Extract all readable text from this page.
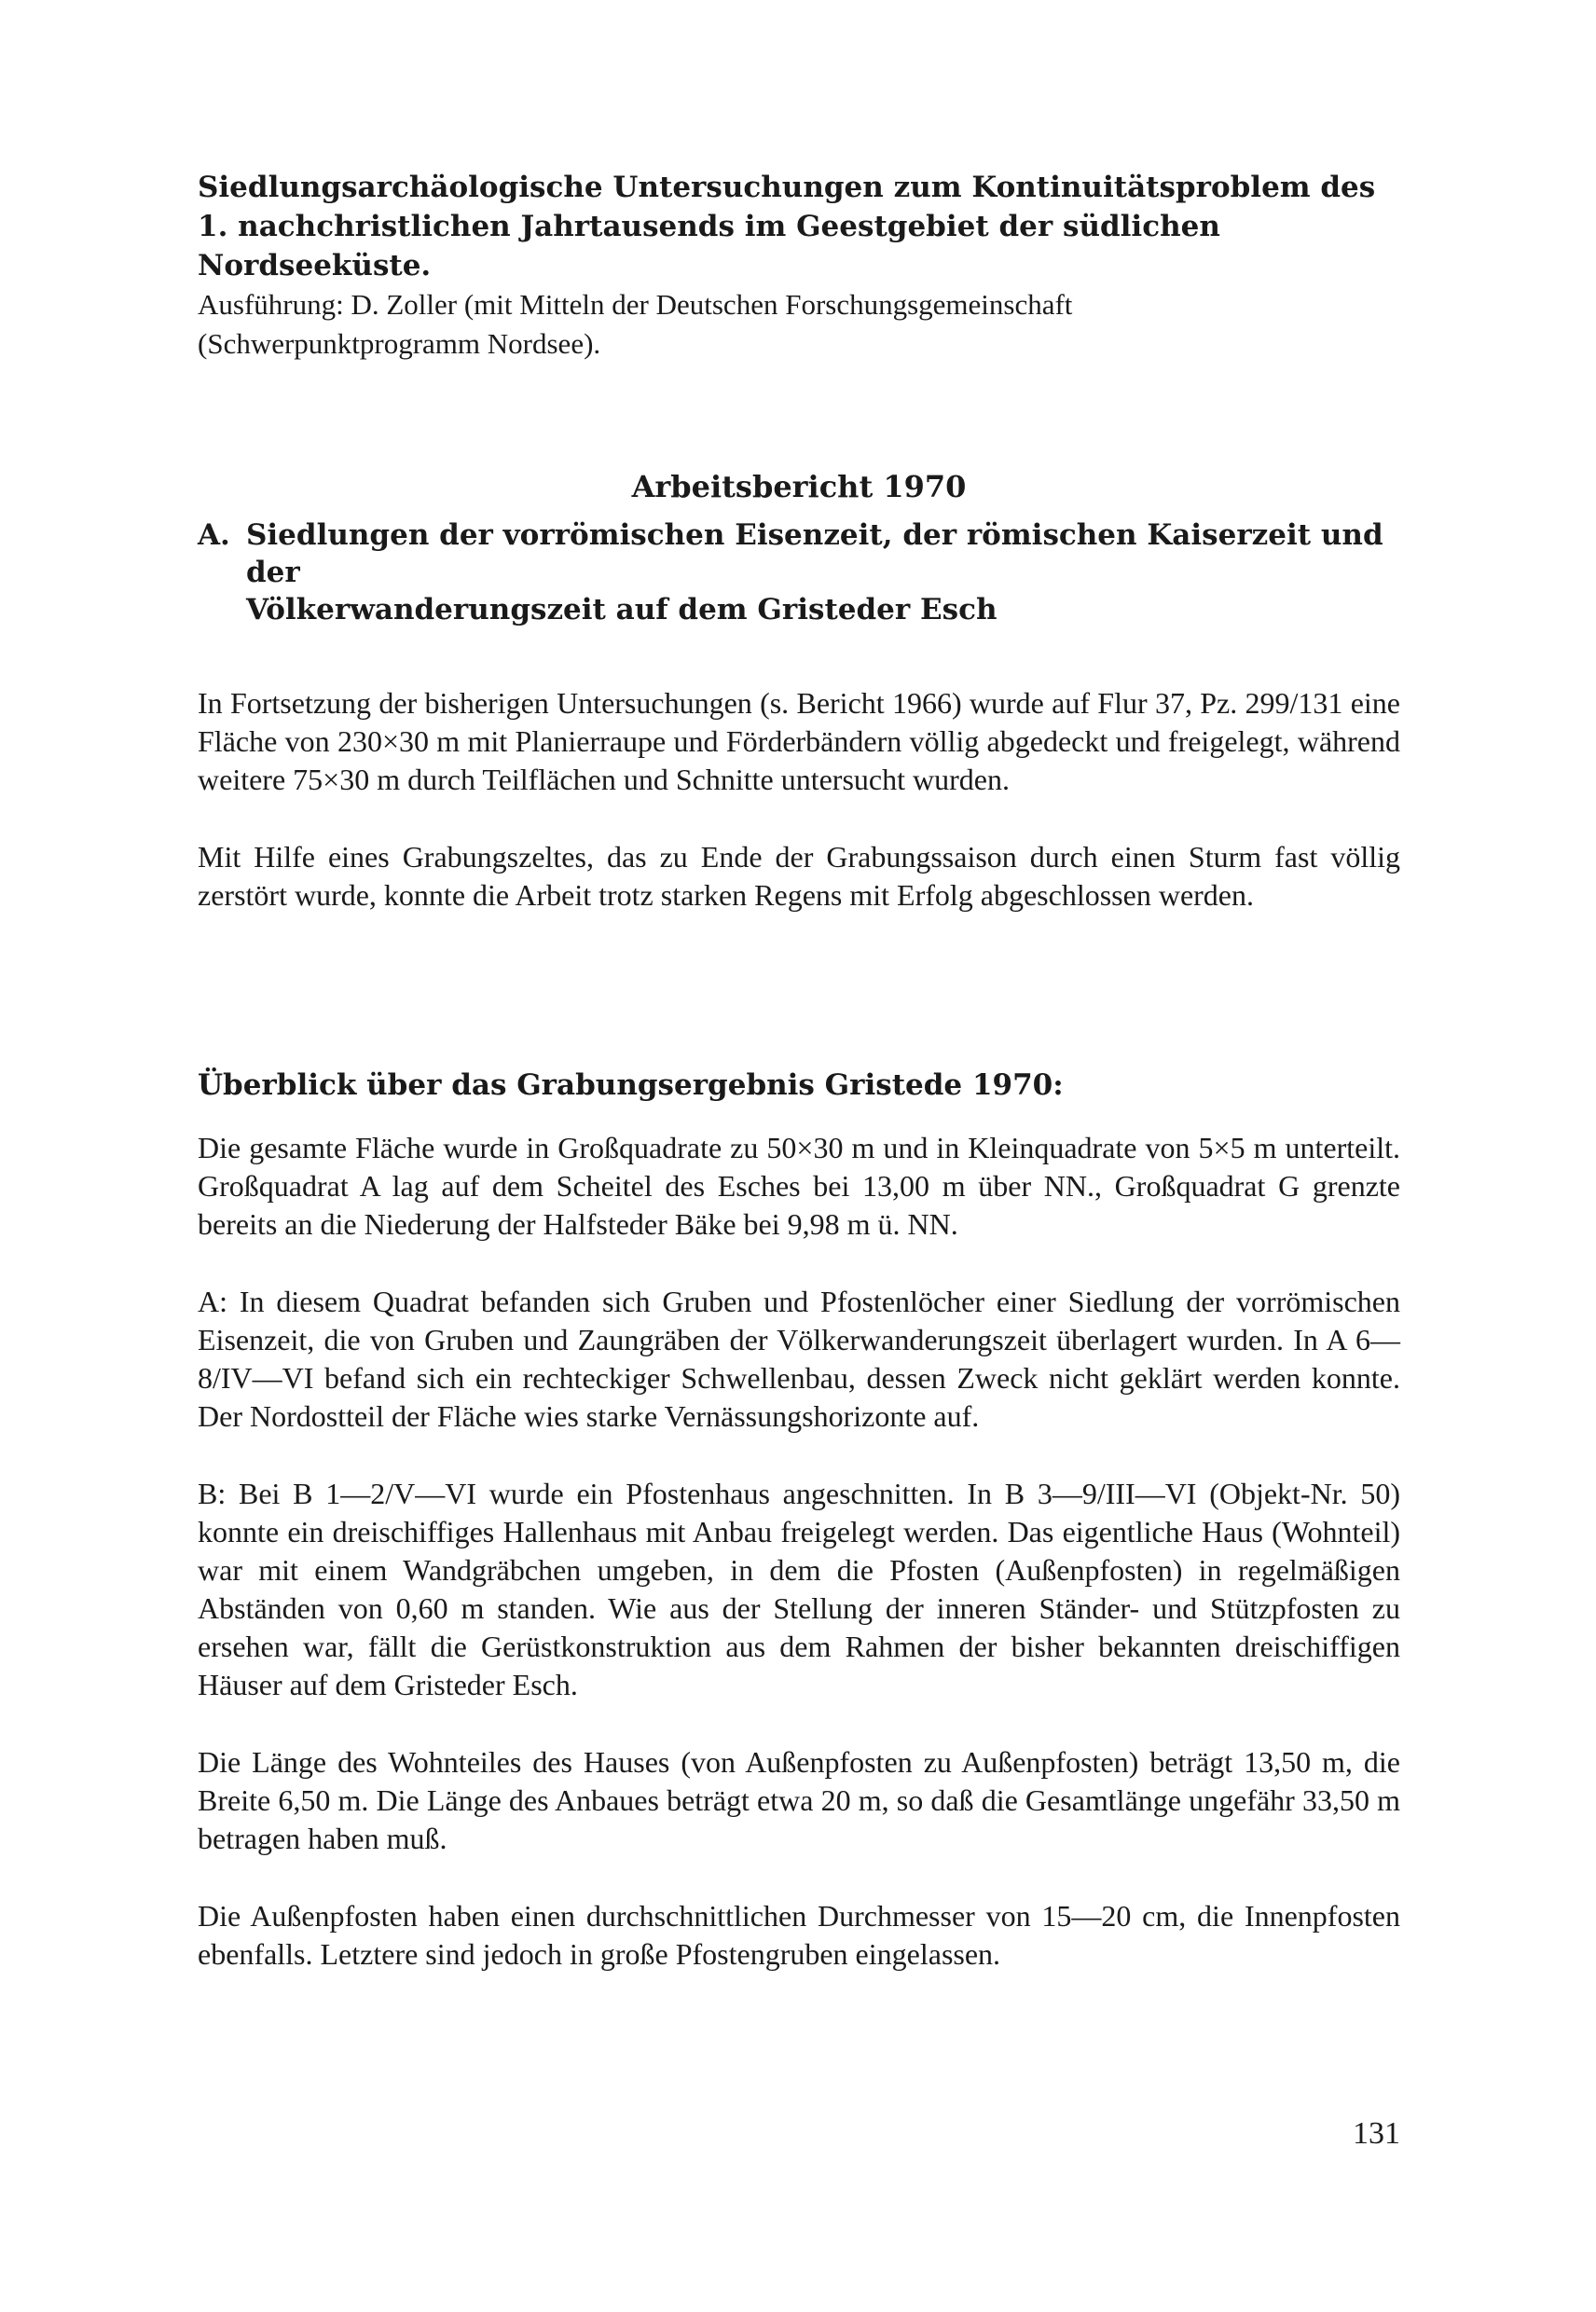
Siedlungsarchäologische Untersuchungen zum Kontinuitätsproblem des

1. nachchristlichen Jahrtausends im Geestgebiet der südlichen Nordseeküste.

Ausführung: D. Zoller (mit Mitteln der Deutschen Forschungsgemeinschaft

(Schwerpunktprogramm Nordsee).

Arbeitsbericht 1970
A. Siedlungen der vorrömischen Eisenzeit, der römischen Kaiserzeit und der
Völkerwanderungszeit auf dem Gristeder Esch

In Fortsetzung der bisherigen Untersuchungen (s. Bericht 1966) wurde auf Flur 37, Pz. 299/131 eine Fläche von 230×30 m mit Planierraupe und Förderbändern völlig abgedeckt und freigelegt, während weitere 75×30 m durch Teilflächen und Schnitte untersucht wurden.

Mit Hilfe eines Grabungszeltes, das zu Ende der Grabungssaison durch einen Sturm fast völlig zerstört wurde, konnte die Arbeit trotz starken Regens mit Erfolg abgeschlossen werden.

Überblick über das Grabungsergebnis Gristede 1970:

Die gesamte Fläche wurde in Großquadrate zu 50×30 m und in Kleinquadrate von 5×5 m unterteilt. Großquadrat A lag auf dem Scheitel des Esches bei 13,00 m über NN., Großquadrat G grenzte bereits an die Niederung der Halfsteder Bäke bei 9,98 m ü. NN.

A: In diesem Quadrat befanden sich Gruben und Pfostenlöcher einer Siedlung der vorrömischen Eisenzeit, die von Gruben und Zaungräben der Völkerwanderungszeit überlagert wurden. In A 6—8/IV—VI befand sich ein rechteckiger Schwellenbau, dessen Zweck nicht geklärt werden konnte. Der Nordostteil der Fläche wies starke Vernässungshorizonte auf.

B: Bei B 1—2/V—VI wurde ein Pfostenhaus angeschnitten. In B 3—9/III—VI (Objekt-Nr. 50) konnte ein dreischiffiges Hallenhaus mit Anbau freigelegt werden. Das eigentliche Haus (Wohnteil) war mit einem Wandgräbchen umgeben, in dem die Pfosten (Außenpfosten) in regelmäßigen Abständen von 0,60 m standen. Wie aus der Stellung der inneren Ständer- und Stützpfosten zu ersehen war, fällt die Gerüstkonstruktion aus dem Rahmen der bisher bekannten dreischiffigen Häuser auf dem Gristeder Esch.

Die Länge des Wohnteiles des Hauses (von Außenpfosten zu Außenpfosten) beträgt 13,50 m, die Breite 6,50 m. Die Länge des Anbaues beträgt etwa 20 m, so daß die Gesamtlänge ungefähr 33,50 m betragen haben muß.

Die Außenpfosten haben einen durchschnittlichen Durchmesser von 15—20 cm, die Innenpfosten ebenfalls. Letztere sind jedoch in große Pfostengruben eingelassen.

131
